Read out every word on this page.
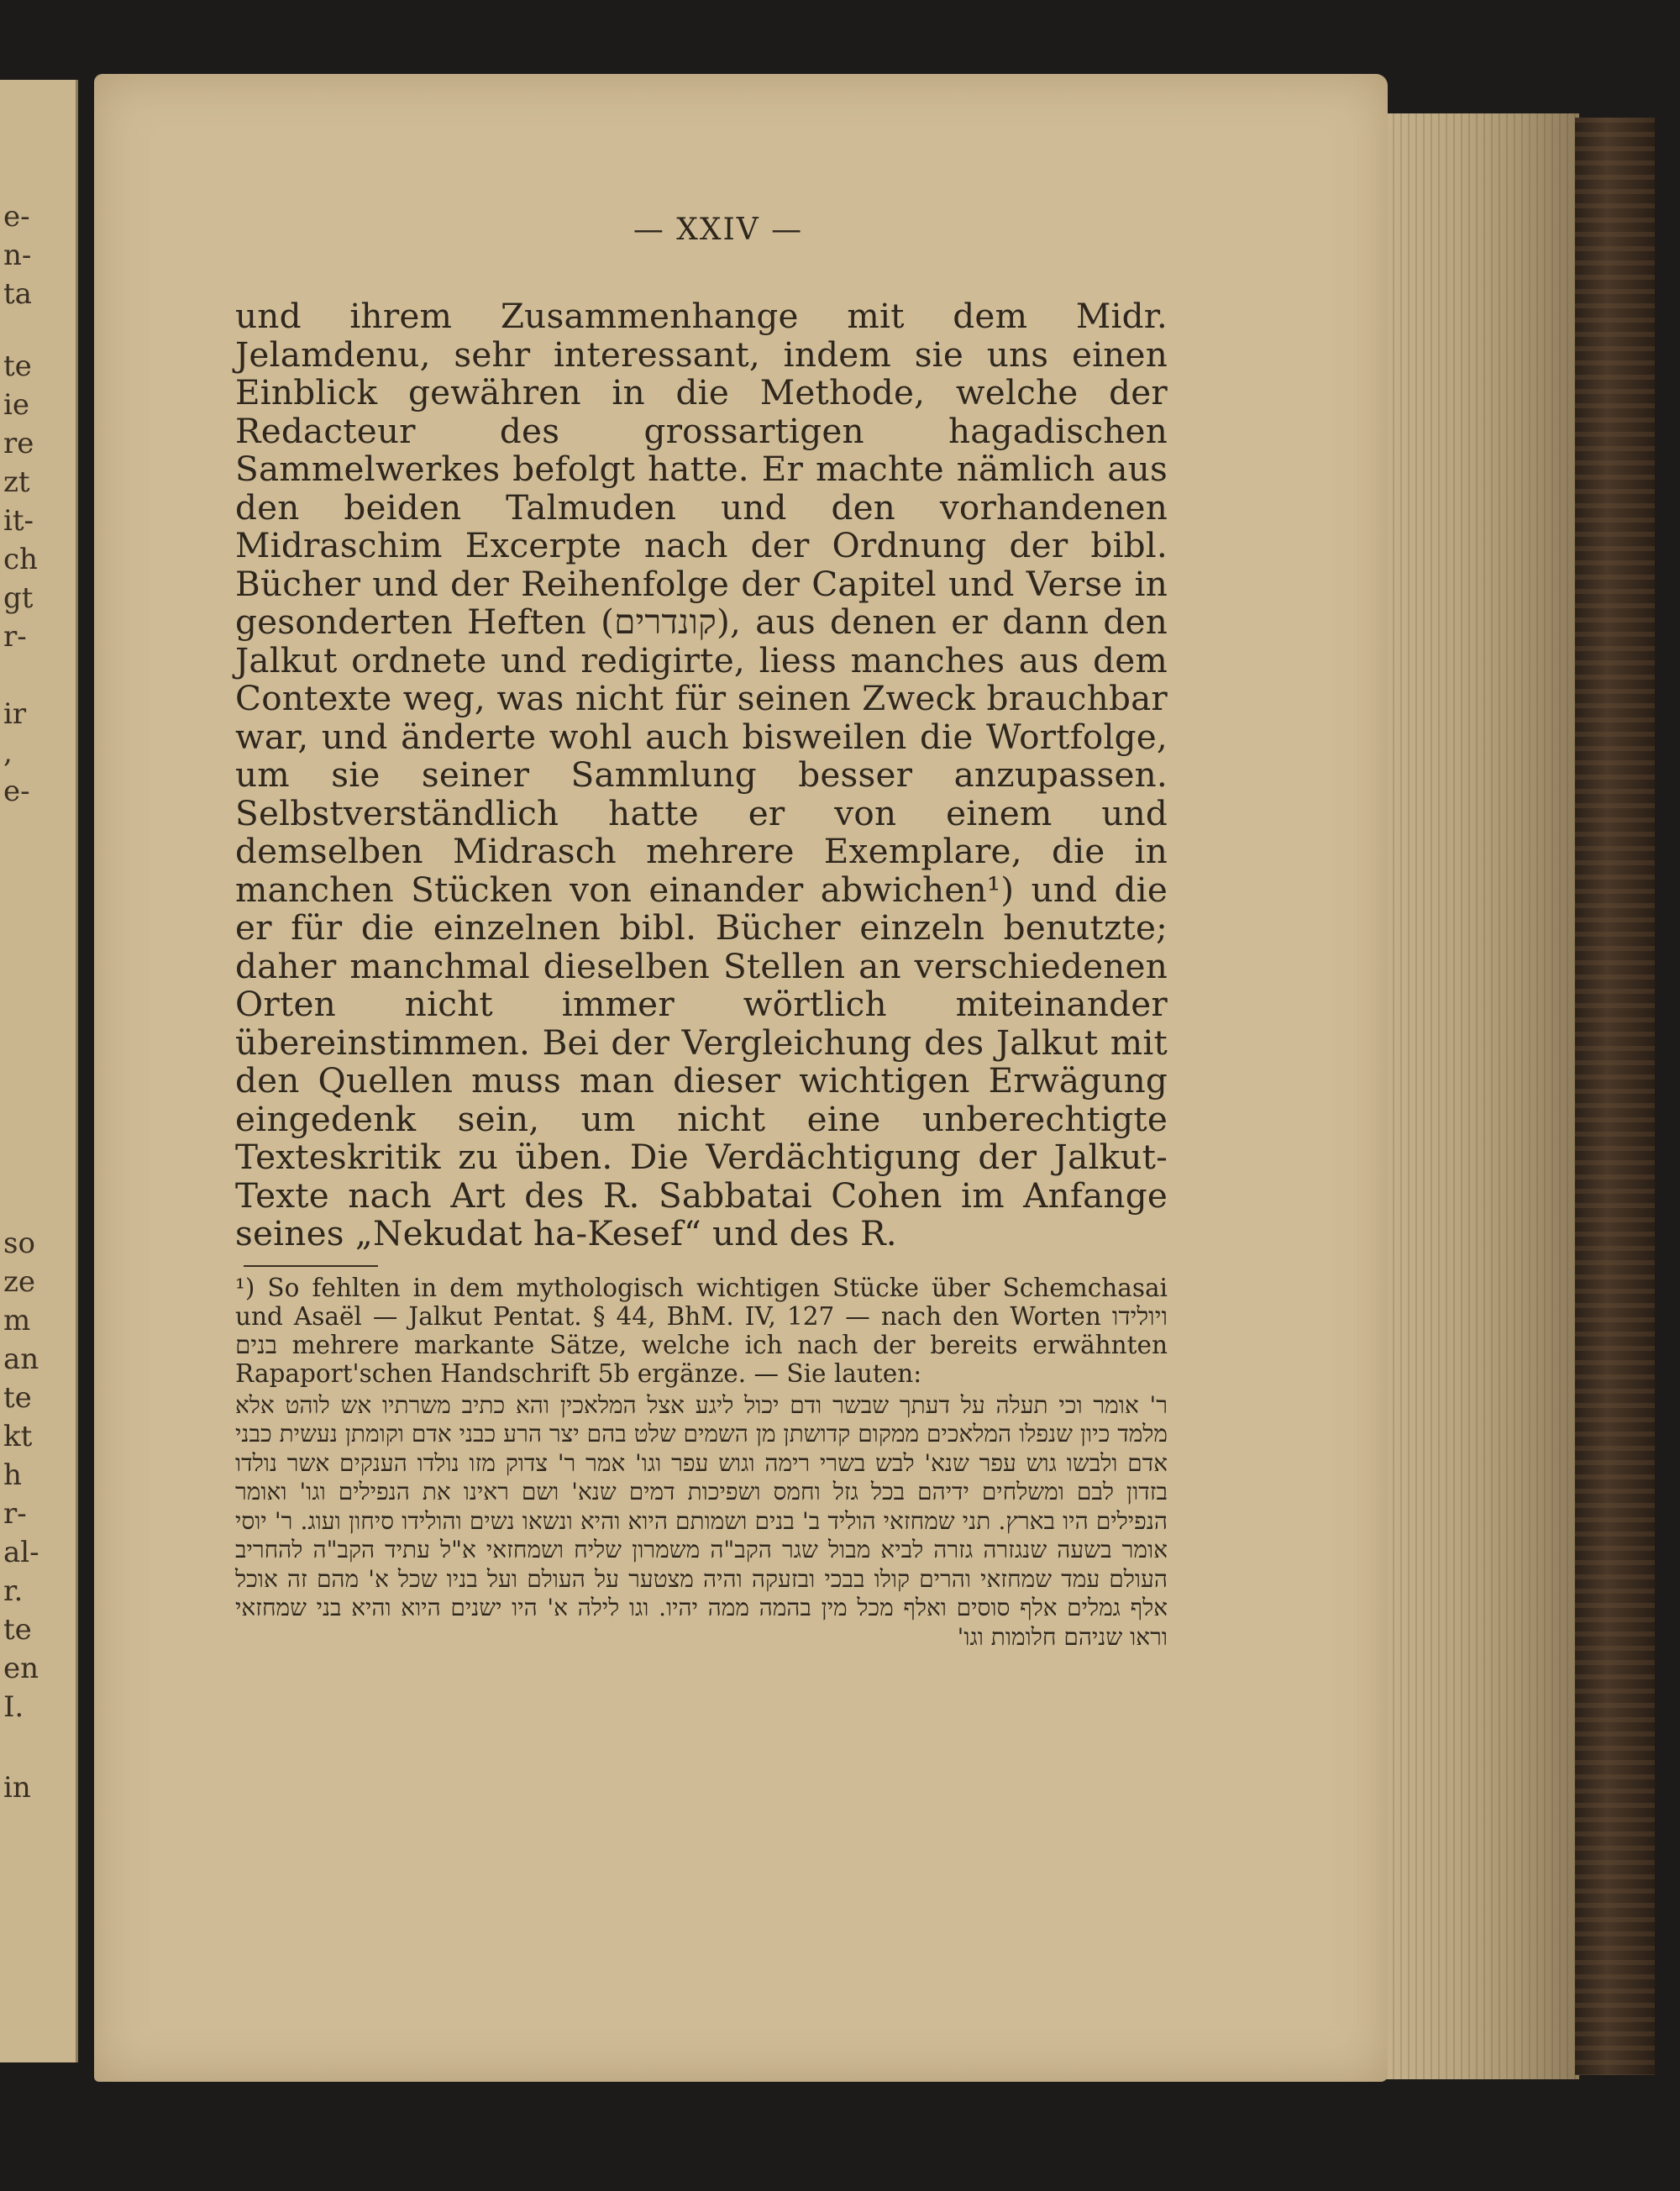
e-
n-
ta
te
ie
re
zt
it-
ch
gt
r-
ir
,
e-
so
ze
m
an
te
kt
h
r-
al-
r.
te
en
I.
in
— XXIV —

und ihrem Zusammenhange mit dem Midr. Jelamdenu, sehr interessant, indem sie uns einen Einblick gewähren in die Methode, welche der Redacteur des grossartigen hagadischen Sammelwerkes befolgt hatte. Er machte nämlich aus den beiden Talmuden und den vorhandenen Midraschim Excerpte nach der Ordnung der bibl. Bücher und der Reihenfolge der Capitel und Verse in gesonderten Heften (קונדרים), aus denen er dann den Jalkut ordnete und redigirte, liess manches aus dem Contexte weg, was nicht für seinen Zweck brauchbar war, und änderte wohl auch bisweilen die Wortfolge, um sie seiner Sammlung besser anzupassen. Selbstverständlich hatte er von einem und demselben Midrasch mehrere Exemplare, die in manchen Stücken von einander abwichen¹) und die er für die einzelnen bibl. Bücher einzeln benutzte; daher manchmal dieselben Stellen an verschiedenen Orten nicht immer wörtlich miteinander übereinstimmen. Bei der Vergleichung des Jalkut mit den Quellen muss man dieser wichtigen Erwägung eingedenk sein, um nicht eine unberechtigte Texteskritik zu üben. Die Verdächtigung der Jalkut-Texte nach Art des R. Sabbatai Cohen im Anfange seines „Nekudat ha-Kesef“ und des R.

¹) So fehlten in dem mythologisch wichtigen Stücke über Schemchasai und Asaël — Jalkut Pentat. § 44, BhM. IV, 127 — nach den Worten ויולידו בנים mehrere markante Sätze, welche ich nach der bereits erwähnten Rapaport'schen Handschrift 5b ergänze. — Sie lauten:

ר' אומר וכי תעלה על דעתך שבשר ודם יכול ליגע אצל המלאכין והא כתיב משרתיו אש לוהט אלא מלמד כיון שנפלו המלאכים ממקום קדושתן מן השמים שלט בהם יצר הרע כבני אדם וקומתן נעשית כבני אדם ולבשו גוש עפר שנא' לבש בשרי רימה וגוש עפר וגו' אמר ר' צדוק מזו נולדו הענקים אשר נולדו בזדון לבם ומשלחים ידיהם בכל גזל וחמס ושפיכות דמים שנא' ושם ראינו את הנפילים וגו' ואומר הנפילים היו בארץ. תני שמחזאי הוליד ב' בנים ושמותם היוא והיא ונשאו נשים והולידו סיחון ועוג. ר' יוסי אומר בשעה שנגזרה גזרה לביא מבול שגר הקב"ה משמרון שליח ושמחזאי א"ל עתיד הקב"ה להחריב העולם עמד שמחזאי והרים קולו בבכי ובזעקה והיה מצטער על העולם ועל בניו שכל א' מהם זה אוכל אלף גמלים אלף סוסים ואלף מכל מין בהמה ממה יהיו. וגו לילה א' היו ישנים היוא והיא בני שמחזאי וראו שניהם חלומות וגו'
